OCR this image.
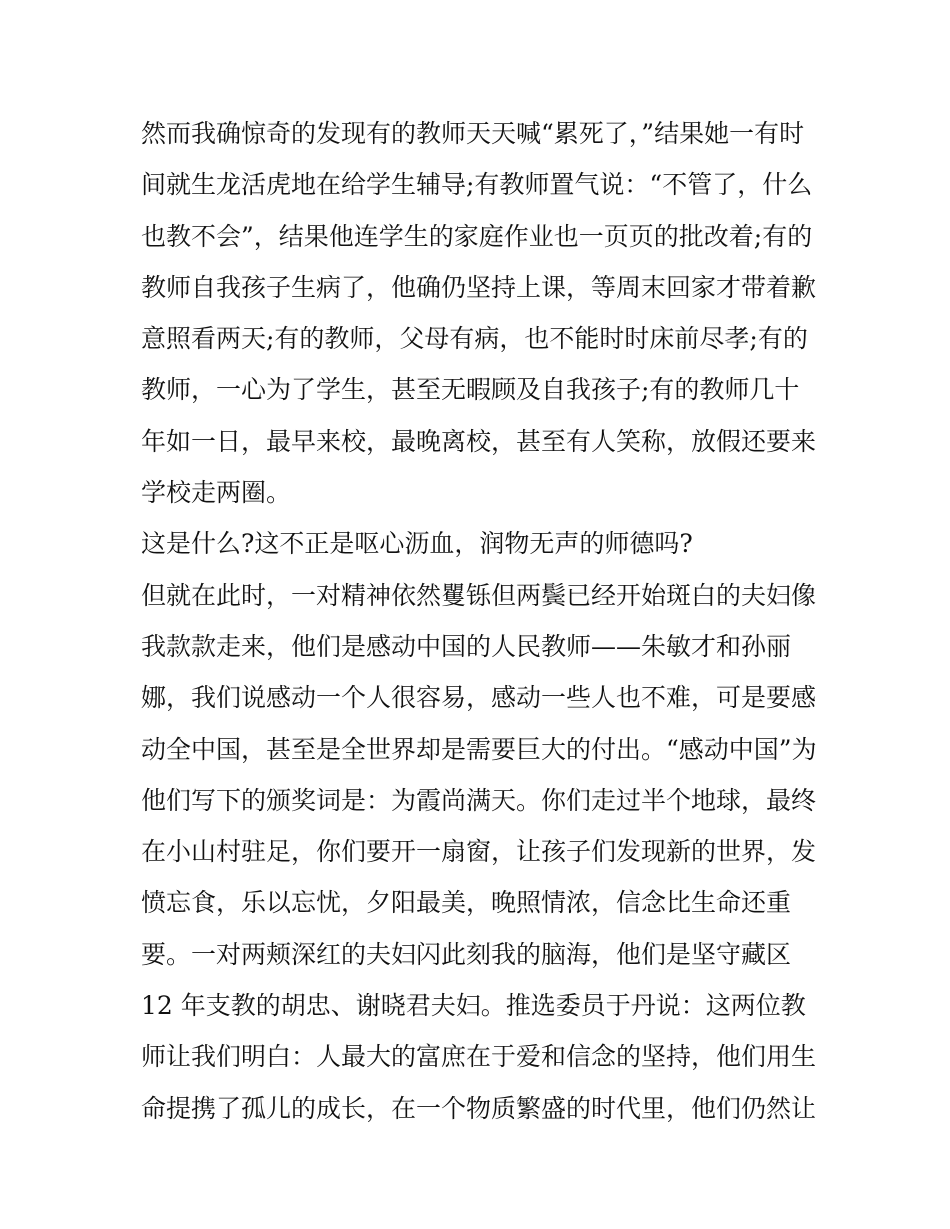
然而我确惊奇的发现有的教师天天喊“累死了，”结果她一有时
间就生龙活虎地在给学生辅导;有教师置气说：“不管了，什么
也教不会”，结果他连学生的家庭作业也一页页的批改着;有的
教师自我孩子生病了，他确仍坚持上课，等周末回家才带着歉
意照看两天;有的教师，父母有病，也不能时时床前尽孝;有的
教师，一心为了学生，甚至无暇顾及自我孩子;有的教师几十
年如一日，最早来校，最晚离校，甚至有人笑称，放假还要来
学校走两圈。
这是什么?这不正是呕心沥血，润物无声的师德吗?
但就在此时，一对精神依然矍铄但两鬓已经开始斑白的夫妇像
我款款走来，他们是感动中国的人民教师——朱敏才和孙丽
娜，我们说感动一个人很容易，感动一些人也不难，可是要感
动全中国，甚至是全世界却是需要巨大的付出。“感动中国”为
他们写下的颁奖词是：为霞尚满天。你们走过半个地球，最终
在小山村驻足，你们要开一扇窗，让孩子们发现新的世界，发
愤忘食，乐以忘忧，夕阳最美，晚照情浓，信念比生命还重
要。一对两颊深红的夫妇闪此刻我的脑海，他们是坚守藏区
12 年支教的胡忠、谢晓君夫妇。推选委员于丹说：这两位教
师让我们明白：人最大的富庶在于爱和信念的坚持，他们用生
命提携了孤儿的成长，在一个物质繁盛的时代里，他们仍然让
